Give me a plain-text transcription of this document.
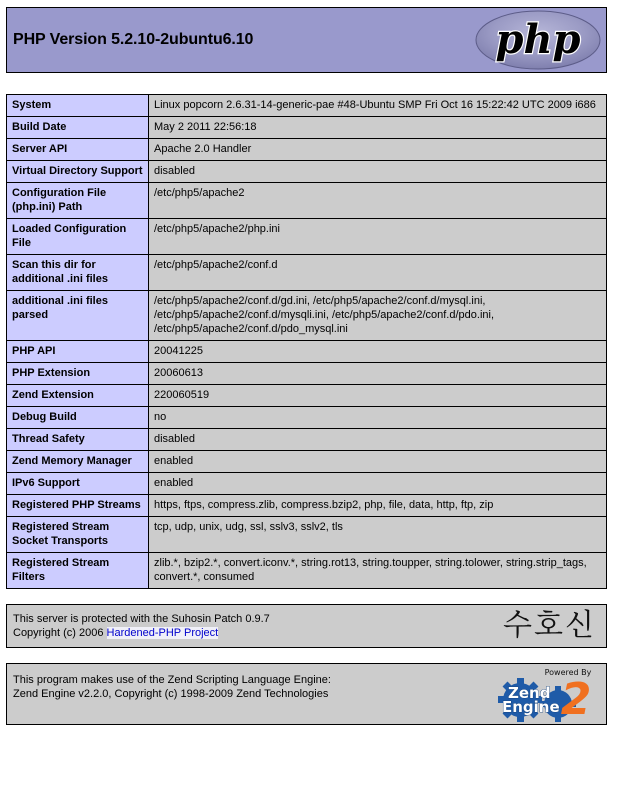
PHP Version 5.2.10-2ubuntu6.10	php
System	Linux popcorn 2.6.31-14-generic-pae #48-Ubuntu SMP Fri Oct 16 15:22:42 UTC 2009 i686
Build Date	May 2 2011 22:56:18
Server API	Apache 2.0 Handler
Virtual Directory Support	disabled
Configuration File (php.ini) Path	/etc/php5/apache2
Loaded Configuration File	/etc/php5/apache2/php.ini
Scan this dir for additional .ini files	/etc/php5/apache2/conf.d
additional .ini files parsed	/etc/php5/apache2/conf.d/gd.ini, /etc/php5/apache2/conf.d/mysql.ini, /etc/php5/apache2/conf.d/mysqli.ini, /etc/php5/apache2/conf.d/pdo.ini, /etc/php5/apache2/conf.d/pdo_mysql.ini
PHP API	20041225
PHP Extension	20060613
Zend Extension	220060519
Debug Build	no
Thread Safety	disabled
Zend Memory Manager	enabled
IPv6 Support	enabled
Registered PHP Streams	https, ftps, compress.zlib, compress.bzip2, php, file, data, http, ftp, zip
Registered Stream Socket Transports	tcp, udp, unix, udg, ssl, sslv3, sslv2, tls
Registered Stream Filters	zlib.*, bzip2.*, convert.iconv.*, string.rot13, string.toupper, string.tolower, string.strip_tags, convert.*, consumed
This server is protected with the Suhosin Patch 0.9.7
Copyright (c) 2006 Hardened-PHP Project	수호신
This program makes use of the Zend Scripting Language Engine:
Zend Engine v2.2.0, Copyright (c) 1998-2009 Zend Technologies
Powered By
2
Zend
Engine
